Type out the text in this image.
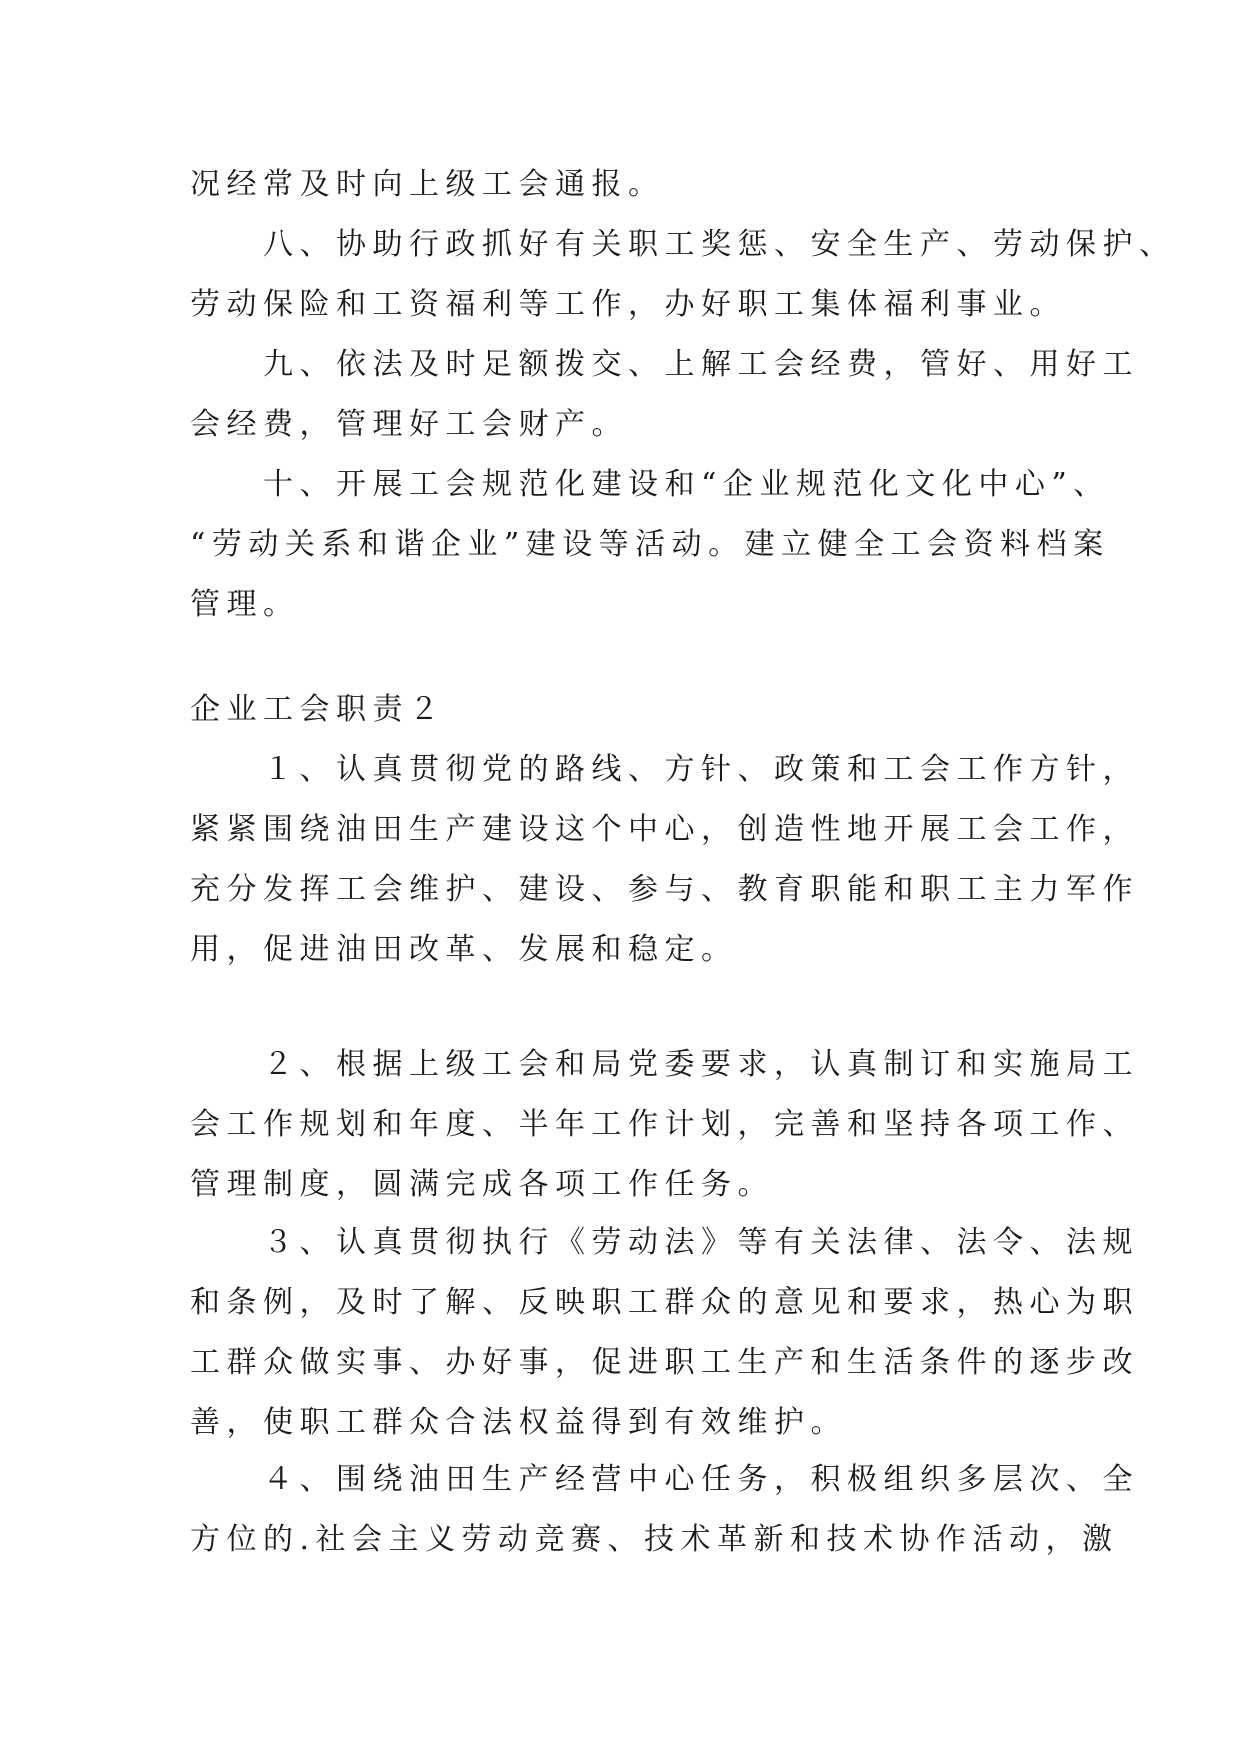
况经常及时向上级工会通报。
　　八、协助行政抓好有关职工奖惩、安全生产、劳动保护、
劳动保险和工资福利等工作，办好职工集体福利事业。
　　九、依法及时足额拨交、上解工会经费，管好、用好工
会经费，管理好工会财产。
　　十、开展工会规范化建设和“企业规范化文化中心”、
“劳动关系和谐企业”建设等活动。建立健全工会资料档案
管理。
企业工会职责２
　　１、认真贯彻党的路线、方针、政策和工会工作方针，
紧紧围绕油田生产建设这个中心，创造性地开展工会工作，
充分发挥工会维护、建设、参与、教育职能和职工主力军作
用，促进油田改革、发展和稳定。
　　２、根据上级工会和局党委要求，认真制订和实施局工
会工作规划和年度、半年工作计划，完善和坚持各项工作、
管理制度，圆满完成各项工作任务。
　　３、认真贯彻执行《劳动法》等有关法律、法令、法规
和条例，及时了解、反映职工群众的意见和要求，热心为职
工群众做实事、办好事，促进职工生产和生活条件的逐步改
善，使职工群众合法权益得到有效维护。
　　４、围绕油田生产经营中心任务，积极组织多层次、全
方位的.社会主义劳动竞赛、技术革新和技术协作活动，激
